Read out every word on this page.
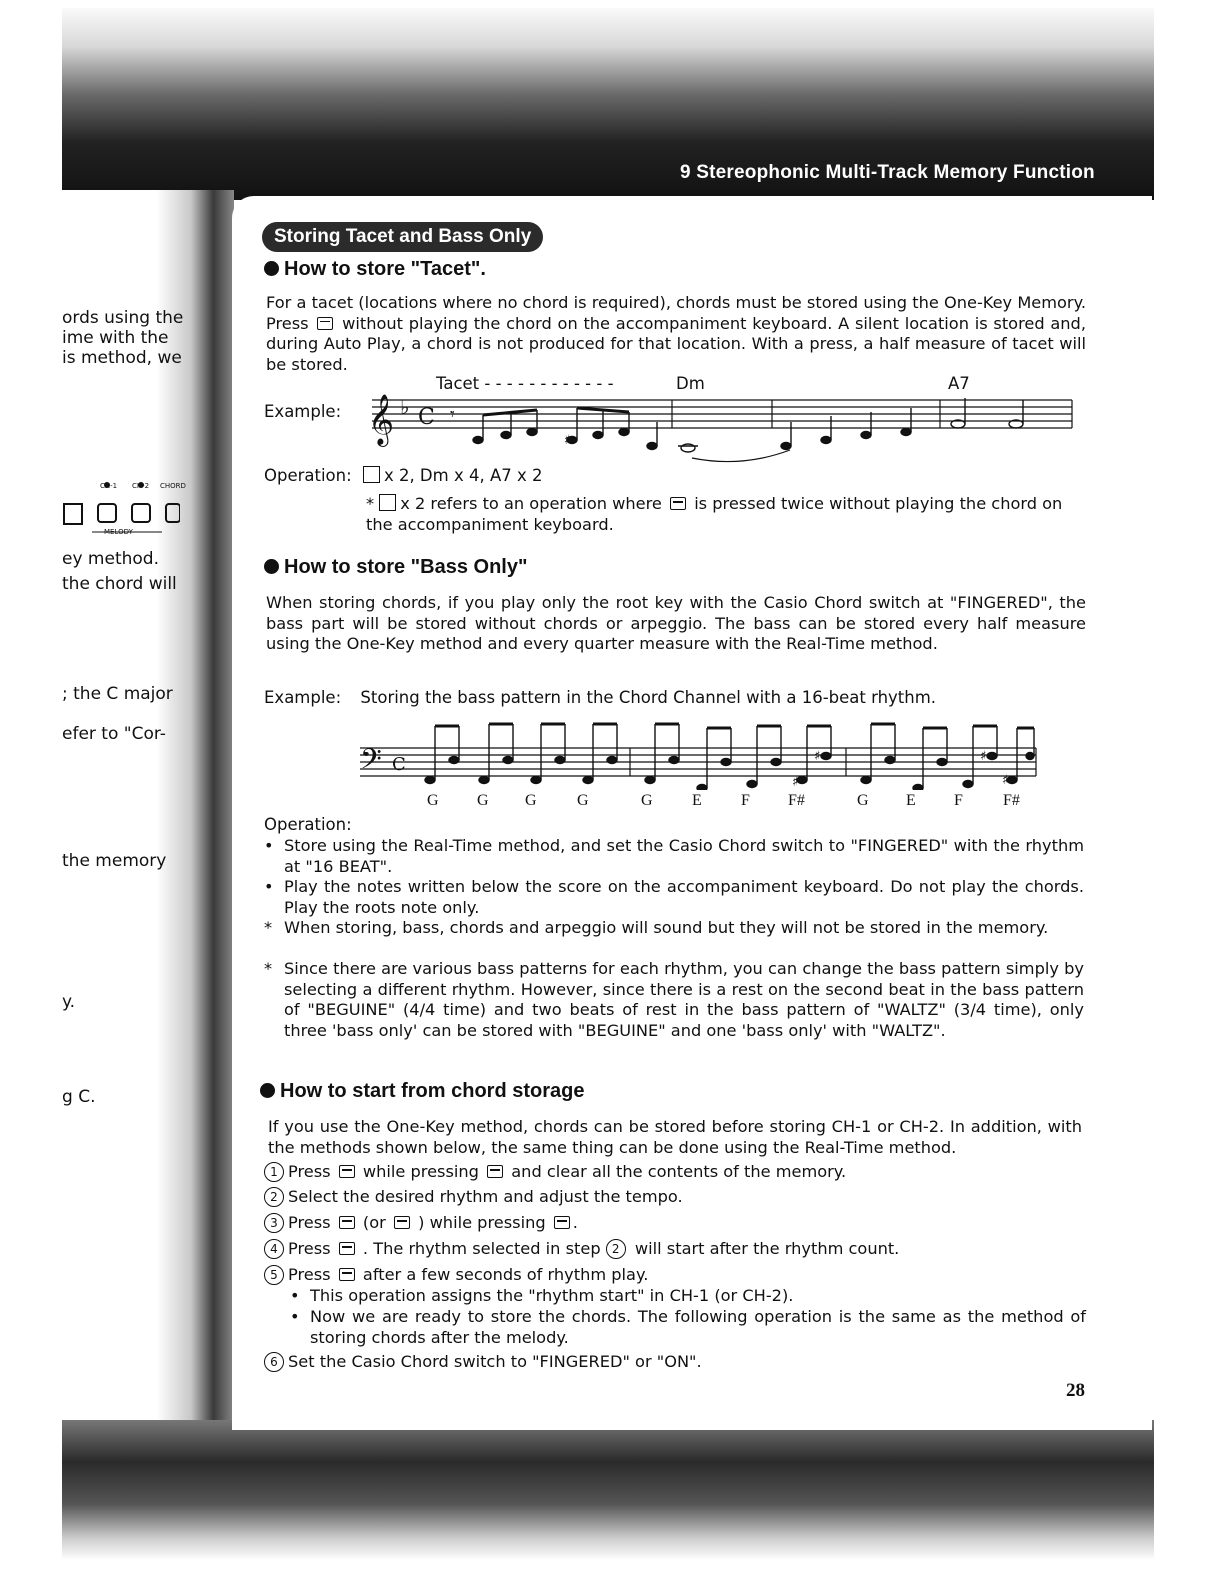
9 Stereophonic Multi-Track Memory Function
ords using the
ime with the
is method, we
CH-1 CH-2 CHORD
MELODY
ey method.
the chord will
; the C major
efer to "Cor-
the memory
y.
g C.
Storing Tacet and Bass Only
How to store "Tacet".
For a tacet (locations where no chord is required), chords must be stored using the One-Key Memory. Press without playing the chord on the accompaniment keyboard. A silent location is stored and, during Auto Play, a chord is not produced for that location. With a press, a half measure of tacet will be stored.
Tacet - - - - - - - - - - - -	Dm	A7
Example: 𝄞 ♭ C 𝄾
♯
Operation: x 2, Dm x 4, A7 x 2
* x 2 refers to an operation where is pressed twice without playing the chord on the accompaniment keyboard.
How to store "Bass Only"
When storing chords, if you play only the root key with the Casio Chord switch at "FINGERED", the bass part will be stored without chords or arpeggio. The bass can be stored every half measure using the One-Key method and every quarter measure with the Real-Time method.
Example: Storing the bass pattern in the Chord Channel with a 16-beat rhythm.
𝄢 C
♯
♯	♯
♯
G G G	G	G E F F#	G E F	F#
Operation:
• Store using the Real-Time method, and set the Casio Chord switch to "FINGERED" with the rhythm at "16 BEAT".
• Play the notes written below the score on the accompaniment keyboard. Do not play the chords. Play the roots note only.
* When storing, bass, chords and arpeggio will sound but they will not be stored in the memory.
* Since there are various bass patterns for each rhythm, you can change the bass pattern simply by selecting a different rhythm. However, since there is a rest on the second beat in the bass pattern of "BEGUINE" (4/4 time) and two beats of rest in the bass pattern of "WALTZ" (3/4 time), only three 'bass only' can be stored with "BEGUINE" and one 'bass only' with "WALTZ".
How to start from chord storage
If you use the One-Key method, chords can be stored before storing CH-1 or CH-2. In addition, with the methods shown below, the same thing can be done using the Real-Time method.
1 Press while pressing and clear all the contents of the memory.
2 Select the desired rhythm and adjust the tempo.
3 Press (or ) while pressing .
4 Press . The rhythm selected in step 2 will start after the rhythm count.
5 Press after a few seconds of rhythm play.
• This operation assigns the "rhythm start" in CH-1 (or CH-2).
• Now we are ready to store the chords. The following operation is the same as the method of storing chords after the melody.
6 Set the Casio Chord switch to "FINGERED" or "ON".
28
